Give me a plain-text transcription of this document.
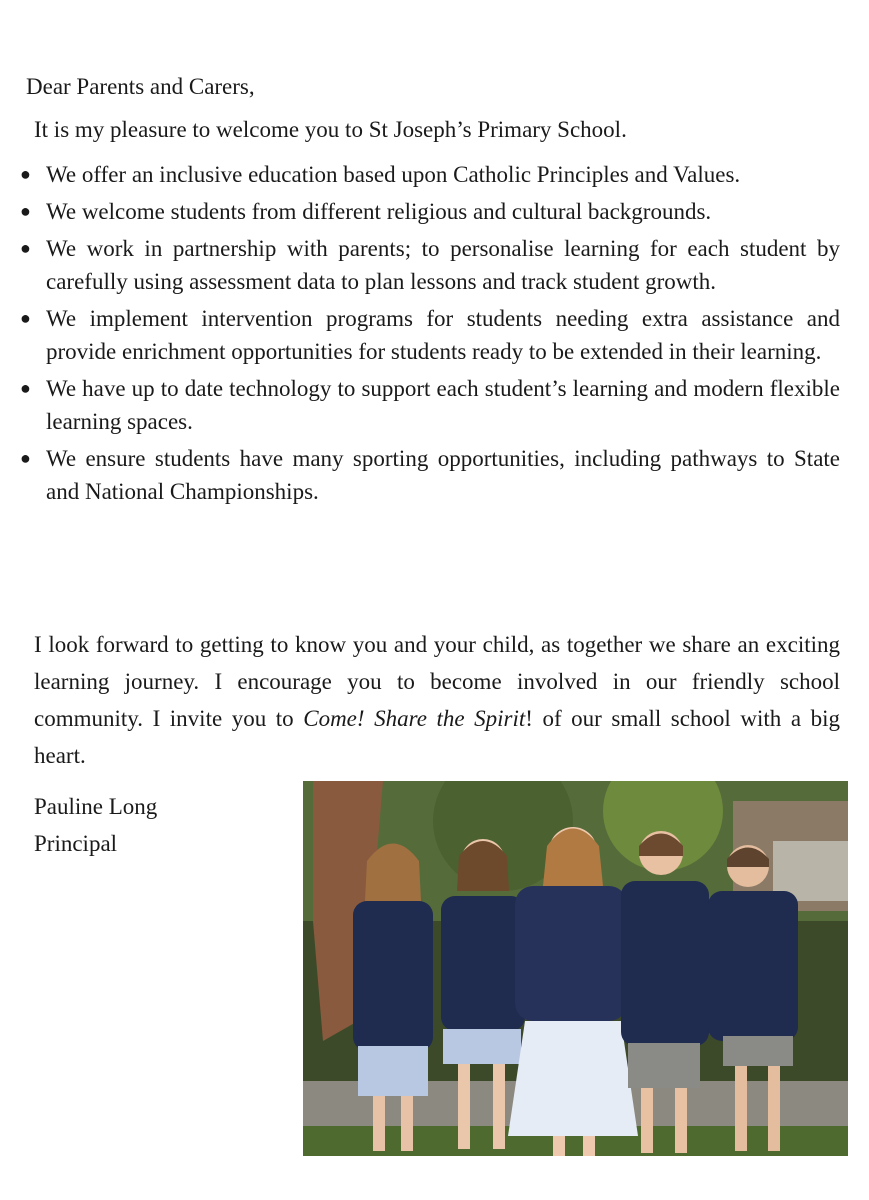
Dear Parents and Carers,
It is my pleasure to welcome you to St Joseph’s Primary School.
● We offer an inclusive education based upon Catholic Principles and Values.
● We welcome students from different religious and cultural backgrounds.
● We work in partnership with parents; to personalise learning for each student by carefully using assessment data to plan lessons and track student growth.
● We implement intervention programs for students needing extra assistance and provide enrichment opportunities for students ready to be extended in their learning.
● We have up to date technology to support each student’s learning and modern flexible learning spaces.
● We ensure students have many sporting opportunities, including pathways to State and National Championships.

I look forward to getting to know you and your child, as together we share an exciting learning journey. I encourage you to become involved in our friendly school community. I invite you to Come! Share the Spirit! of our small school with a big heart.

Pauline Long
Principal
